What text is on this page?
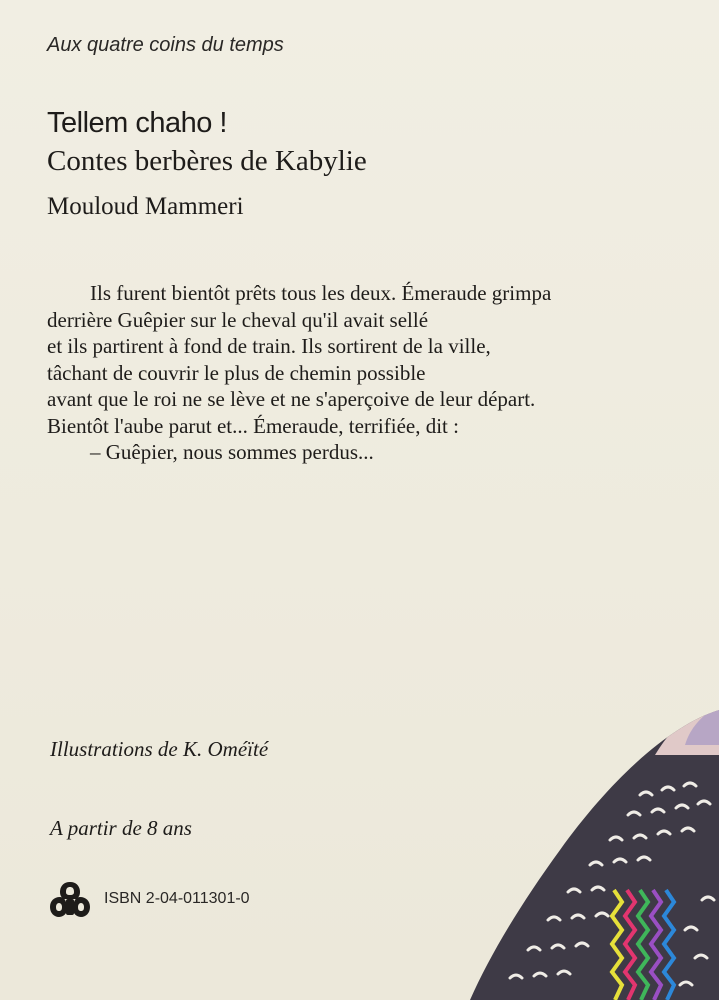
Aux quatre coins du temps
Tellem chaho !
Contes berbères de Kabylie
Mouloud Mammeri
Ils furent bientôt prêts tous les deux. Émeraude grimpa
derrière Guêpier sur le cheval qu'il avait sellé
et ils partirent à fond de train. Ils sortirent de la ville,
tâchant de couvrir le plus de chemin possible
avant que le roi ne se lève et ne s'aperçoive de leur départ.
Bientôt l'aube parut et... Émeraude, terrifiée, dit :
– Guêpier, nous sommes perdus...
Illustrations de K. Oméïté
A partir de 8 ans
ISBN 2-04-011301-0
